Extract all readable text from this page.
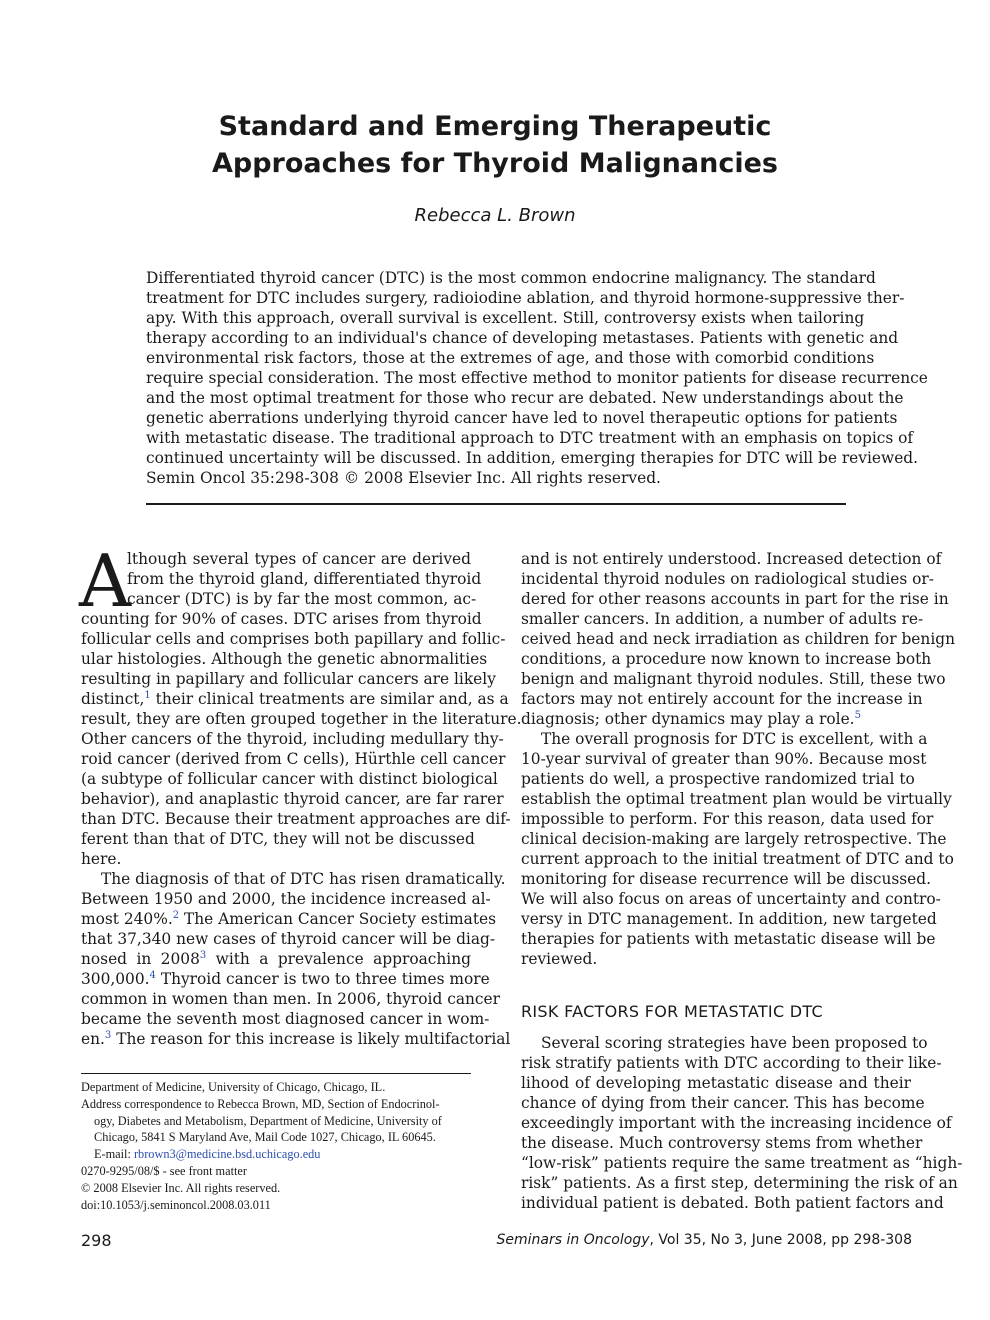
Standard and Emerging Therapeutic
Approaches for Thyroid Malignancies
Rebecca L. Brown
Differentiated thyroid cancer (DTC) is the most common endocrine malignancy. The standard
treatment for DTC includes surgery, radioiodine ablation, and thyroid hormone-suppressive ther-
apy. With this approach, overall survival is excellent. Still, controversy exists when tailoring
therapy according to an individual's chance of developing metastases. Patients with genetic and
environmental risk factors, those at the extremes of age, and those with comorbid conditions
require special consideration. The most effective method to monitor patients for disease recurrence
and the most optimal treatment for those who recur are debated. New understandings about the
genetic aberrations underlying thyroid cancer have led to novel therapeutic options for patients
with metastatic disease. The traditional approach to DTC treatment with an emphasis on topics of
continued uncertainty will be discussed. In addition, emerging therapies for DTC will be reviewed.
Semin Oncol 35:298-308 © 2008 Elsevier Inc. All rights reserved.
A
lthough several types of cancer are derived
from the thyroid gland, differentiated thyroid
cancer (DTC) is by far the most common, ac-
counting for 90% of cases. DTC arises from thyroid
follicular cells and comprises both papillary and follic-
ular histologies. Although the genetic abnormalities
resulting in papillary and follicular cancers are likely
distinct,$^1$ their clinical treatments are similar and, as a
result, they are often grouped together in the literature.
Other cancers of the thyroid, including medullary thy-
roid cancer (derived from C cells), Hürthle cell cancer
(a subtype of follicular cancer with distinct biological
behavior), and anaplastic thyroid cancer, are far rarer
than DTC. Because their treatment approaches are dif-
ferent than that of DTC, they will not be discussed
here.
The diagnosis of that of DTC has risen dramatically.
Between 1950 and 2000, the incidence increased al-
most 240%.$^2$ The American Cancer Society estimates
that 37,340 new cases of thyroid cancer will be diag-
nosed in 2008$^3$ with a prevalence approaching
300,000.$^4$ Thyroid cancer is two to three times more
common in women than men. In 2006, thyroid cancer
became the seventh most diagnosed cancer in wom-
en.$^3$ The reason for this increase is likely multifactorial
and is not entirely understood. Increased detection of
incidental thyroid nodules on radiological studies or-
dered for other reasons accounts in part for the rise in
smaller cancers. In addition, a number of adults re-
ceived head and neck irradiation as children for benign
conditions, a procedure now known to increase both
benign and malignant thyroid nodules. Still, these two
factors may not entirely account for the increase in
diagnosis; other dynamics may play a role.$^5$
The overall prognosis for DTC is excellent, with a
10-year survival of greater than 90%. Because most
patients do well, a prospective randomized trial to
establish the optimal treatment plan would be virtually
impossible to perform. For this reason, data used for
clinical decision-making are largely retrospective. The
current approach to the initial treatment of DTC and to
monitoring for disease recurrence will be discussed.
We will also focus on areas of uncertainty and contro-
versy in DTC management. In addition, new targeted
therapies for patients with metastatic disease will be
reviewed.
RISK FACTORS FOR METASTATIC DTC
Several scoring strategies have been proposed to
risk stratify patients with DTC according to their like-
lihood of developing metastatic disease and their
chance of dying from their cancer. This has become
exceedingly important with the increasing incidence of
the disease. Much controversy stems from whether
“low-risk” patients require the same treatment as “high-
risk” patients. As a first step, determining the risk of an
individual patient is debated. Both patient factors and
Department of Medicine, University of Chicago, Chicago, IL.
Address correspondence to Rebecca Brown, MD, Section of Endocrinol-
ogy, Diabetes and Metabolism, Department of Medicine, University of
Chicago, 5841 S Maryland Ave, Mail Code 1027, Chicago, IL 60645.
E-mail: rbrown3@medicine.bsd.uchicago.edu
0270-9295/08/$ - see front matter
© 2008 Elsevier Inc. All rights reserved.
doi:10.1053/j.seminoncol.2008.03.011
298	Seminars in Oncology, Vol 35, No 3, June 2008, pp 298-308
